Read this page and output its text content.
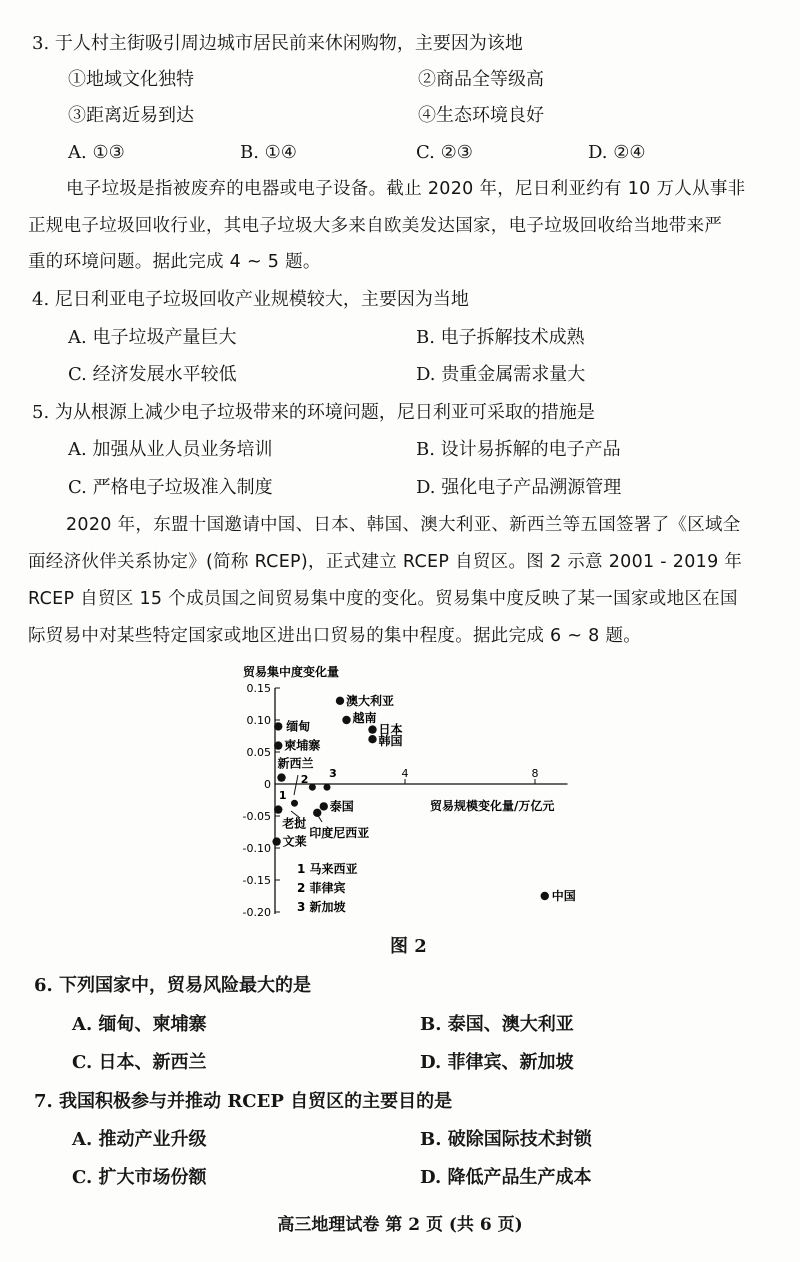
3. 于人村主街吸引周边城市居民前来休闲购物，主要因为该地
①地域文化独特	②商品全等级高
③距离近易到达	④生态环境良好
A. ①③	B. ①④	C. ②③	D. ②④
电子垃圾是指被废弃的电器或电子设备。截止 2020 年，尼日利亚约有 10 万人从事非
正规电子垃圾回收行业，其电子垃圾大多来自欧美发达国家，电子垃圾回收给当地带来严
重的环境问题。据此完成 4 ~ 5 题。
4. 尼日利亚电子垃圾回收产业规模较大，主要因为当地
A. 电子垃圾产量巨大	B. 电子拆解技术成熟
C. 经济发展水平较低	D. 贵重金属需求量大
5. 为从根源上减少电子垃圾带来的环境问题，尼日利亚可采取的措施是
A. 加强从业人员业务培训	B. 设计易拆解的电子产品
C. 严格电子垃圾准入制度	D. 强化电子产品溯源管理
2020 年，东盟十国邀请中国、日本、韩国、澳大利亚、新西兰等五国签署了《区域全
面经济伙伴关系协定》(简称 RCEP)，正式建立 RCEP 自贸区。图 2 示意 2001 - 2019 年
RCEP 自贸区 15 个成员国之间贸易集中度的变化。贸易集中度反映了某一国家或地区在国
际贸易中对某些特定国家或地区进出口贸易的集中程度。据此完成 6 ~ 8 题。
0.15
0.10
0.05
0
-0.05
-0.10
-0.15
-0.20
4	8
贸易集中度变化量
贸易规模变化量/万亿元
缅甸
柬埔寨
新西兰
澳大利亚
越南
日本
韩国
老挝
文莱
泰国
印度尼西亚
中国
1
2 3
1 马来西亚
2 菲律宾
3 新加坡
图 2
6. 下列国家中，贸易风险最大的是
A. 缅甸、柬埔寨	B. 泰国、澳大利亚
C. 日本、新西兰	D. 菲律宾、新加坡
7. 我国积极参与并推动 RCEP 自贸区的主要目的是
A. 推动产业升级	B. 破除国际技术封锁
C. 扩大市场份额	D. 降低产品生产成本
高三地理试卷 第 2 页 (共 6 页)
